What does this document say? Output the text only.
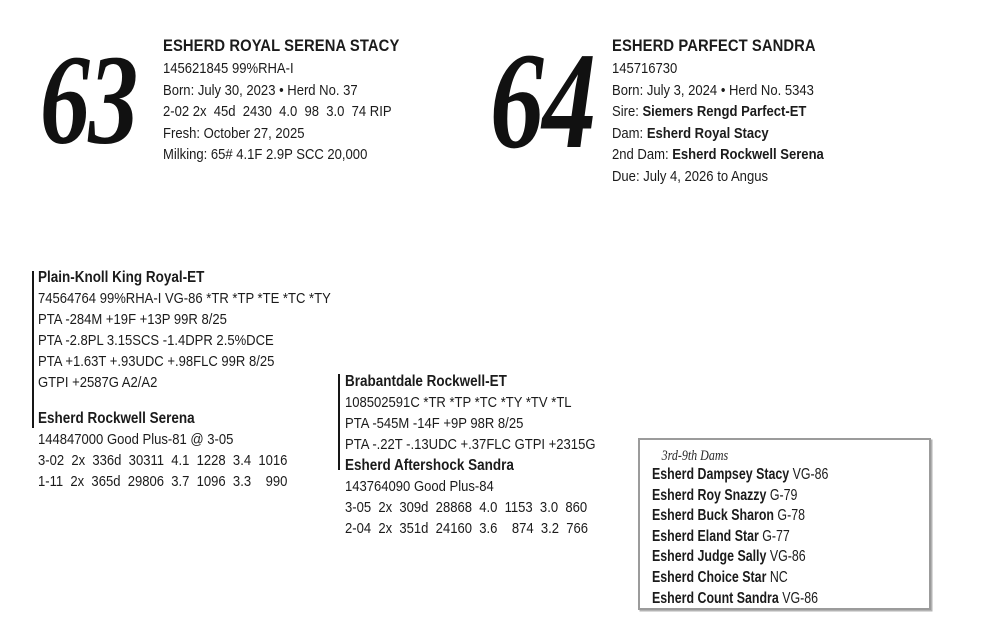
63 ESHERD ROYAL SERENA STACY
145621845 99%RHA-I
Born: July 30, 2023 • Herd No. 37
2-02 2x  45d  2430  4.0  98  3.0  74 RIP
Fresh: October 27, 2025
Milking: 65# 4.1F 2.9P SCC 20,000 64 ESHERD PARFECT SANDRA
145716730
Born: July 3, 2024 • Herd No. 5343
Sire: Siemers Rengd Parfect-ET
Dam: Esherd Royal Stacy
2nd Dam: Esherd Rockwell Serena
Due: July 4, 2026 to Angus
Plain-Knoll King Royal-ET
74564764 99%RHA-I VG-86 *TR *TP *TE *TC *TY
PTA -284M +19F +13P 99R 8/25
PTA -2.8PL 3.15SCS -1.4DPR 2.5%DCE
PTA +1.63T +.93UDC +.98FLC 99R 8/25
GTPI +2587G A2/A2
Esherd Rockwell Serena
144847000 Good Plus-81 @ 3-05
3-02  2x  336d  30311  4.1  1228  3.4  1016
1-11  2x  365d  29806  3.7  1096  3.3    990
Brabantdale Rockwell-ET
108502591C *TR *TP *TC *TY *TV *TL
PTA -545M -14F +9P 98R 8/25
PTA -.22T -.13UDC +.37FLC GTPI +2315G
Esherd Aftershock Sandra
143764090 Good Plus-84
3-05  2x  309d  28868  4.0  1153  3.0  860
2-04  2x  351d  24160  3.6    874  3.2  766
3rd-9th Dams
Esherd Dampsey Stacy VG-86
Esherd Roy Snazzy G-79
Esherd Buck Sharon G-78
Esherd Eland Star G-77
Esherd Judge Sally VG-86
Esherd Choice Star NC
Esherd Count Sandra VG-86
